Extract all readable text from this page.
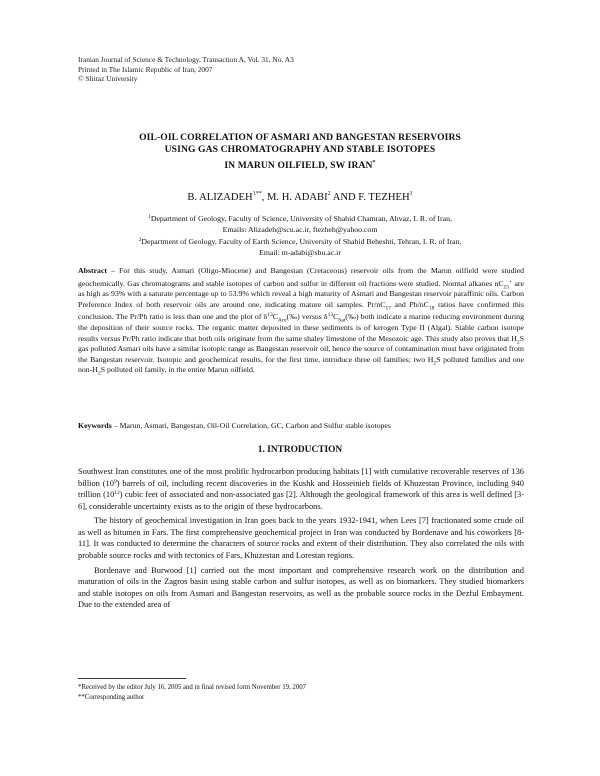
Iranian Journal of Science & Technology, Transaction A, Vol. 31, No. A3
Printed in The Islamic Republic of Iran, 2007
© Shiraz University
OIL-OIL CORRELATION OF ASMARI AND BANGESTAN RESERVOIRS
USING GAS CHROMATOGRAPHY AND STABLE ISOTOPES
IN MARUN OILFIELD, SW IRAN*
B. $ALIZADEH^{1**}$, M. H. ADABI$^2$ AND F. TEZHEH$^1$
$^1$Department of Geology, Faculty of Science, University of Shahid Chamran, Ahvaz, I. R. of Iran,
Emails: Alizadeh@scu.ac.ir, ftezheh@yahoo.com
$^2$Department of Geology, Faculty of Earth Science, University of Shahid Beheshti, Tehran, I. R. of Iran,
Email: m-adabi@sbu.ac.ir
Abstract – For this study, Asmari (Oligo-Miocene) and Bangestan (Cretaceous) reservoir oils from the Marun oilfield were studied geochemically. Gas chromatograms and stable isotopes of carbon and sulfur in different oil fractions were studied. Normal alkanes $nC_{15}^+$ are as high as 93% with a saturate percentage up to 53.9% which reveal a high maturity of Asmari and Bangestan reservoir paraffinic oils. Carbon Preference Index of both reservoir oils are around one, indicating mature oil samples. $Pr/nC_{17}$ and $Ph/nC_{18}$ ratios have confirmed this conclusion. The Pr/Ph ratio is less than one and the plot of $\delta^{13}C_{Aro}(‰)$ versus $\delta^{13}C_{Sat}(‰)$ both indicate a marine reducing environment during the deposition of their source rocks. The organic matter deposited in these sediments is of kerogen Type II (Algal). Stable carbon isotope results versus Pr/Ph ratio indicate that both oils originate from the same shaley limestone of the Mesozoic age. This study also proves that $H_2S$ gas polluted Asmari oils have a similar isotopic range as Bangestan reservoir oil, hence the source of contamination must have originated from the Bangestan reservoir. Isotopic and geochemical results, for the first time, introduce three oil families; two $H_2S$ polluted families and one non-$H_2S$ polluted oil family, in the entire Marun oilfield.
Keywords – Marun, Asmari, Bangestan, Oil-Oil Correlation, GC, Carbon and Sulfur stable isotopes
1. INTRODUCTION

Southwest Iran constitutes one of the most prolific hydrocarbon producing habitats [1] with cumulative recoverable reserves of 136 billion $(10^9)$ barrels of oil, including recent discoveries in the Kushk and Hosseinieh fields of Khuzestan Province, including 940 trillion $(10^{12})$ cubic feet of associated and non-associated gas [2]. Although the geological framework of this area is well defined [3-6], considerable uncertainty exists as to the origin of these hydrocarbons.

The history of geochemical investigation in Iran goes back to the years 1932-1941, when Lees [7] fractionated some crude oil as well as bitumen in Fars. The first comprehensive geochemical project in Iran was conducted by Bordenave and his coworkers [8-11]. It was conducted to determine the characters of source rocks and extent of their distribution. They also correlated the oils with probable source rocks and with tectonics of Fars, Khuzestan and Lorestan regions.

Bordenave and Burwood [1] carried out the most important and comprehensive research work on the distribution and maturation of oils in the Zagros basin using stable carbon and sulfur isotopes, as well as on biomarkers. They studied biomarkers and stable isotopes on oils from Asmari and Bangestan reservoirs, as well as the probable source rocks in the Dezful Embayment. Due to the extended area of

*Received by the editor July 16, 2005 and in final revised form November 19, 2007
**Corresponding author
